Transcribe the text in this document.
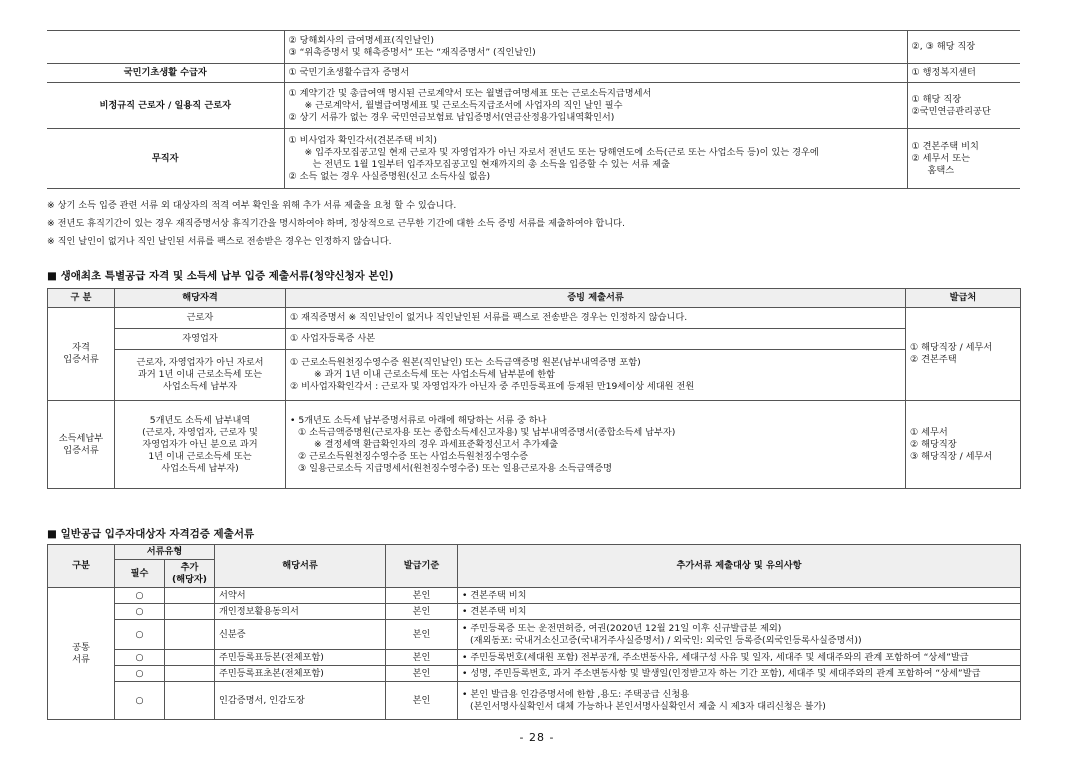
	② 당해회사의 급여명세표(직인날인)
③ “위촉증명서 및 해촉증명서” 또는 “재직증명서” (직인날인)	②, ③ 해당 직장
국민기초생활 수급자	① 국민기초생활수급자 증명서	① 행정복지센터
비정규직 근로자 / 일용직 근로자	① 계약기간 및 총급여액 명시된 근로계약서 또는 월별급여명세표 또는 근로소득지급명세서
※ 근로계약서, 월별급여명세표 및 근로소득지급조서에 사업자의 직인 날인 필수
② 상기 서류가 없는 경우 국민연금보험료 납입증명서(연금산정용가입내역확인서)	① 해당 직장
②국민연금관리공단

무직자	① 비사업자 확인각서(견본주택 비치)
※ 입주자모집공고일 현재 근로자 및 자영업자가 아닌 자로서 전년도 또는 당해연도에 소득(근로 또는 사업소득 등)이 있는 경우에
는 전년도 1월 1일부터 입주자모집공고일 현재까지의 총 소득을 입증할 수 있는 서류 제출
② 소득 없는 경우 사실증명원(신고 소득사실 없음)	① 견본주택 비치
② 세무서 또는
홈택스
※ 상기 소득 입증 관련 서류 외 대상자의 적격 여부 확인을 위해 추가 서류 제출을 요청 할 수 있습니다.
※ 전년도 휴직기간이 있는 경우 재직증명서상 휴직기간을 명시하여야 하며, 정상적으로 근무한 기간에 대한 소득 증빙 서류를 제출하여야 합니다.
※ 직인 날인이 없거나 직인 날인된 서류를 팩스로 전송받은 경우는 인정하지 않습니다.
■ 생애최초 특별공급 자격 및 소득세 납부 입증 제출서류(청약신청자 본인)
구 분	해당자격	증빙 제출서류	발급처

자격
입증서류	근로자	① 재직증명서 ※ 직인날인이 없거나 직인날인된 서류를 팩스로 전송받은 경우는 인정하지 않습니다.	① 해당직장 / 세무서
② 견본주택

	자영업자	① 사업자등록증 사본	

	근로자, 자영업자가 아닌 자로서
과거 1년 이내 근로소득세 또는
사업소득세 납부자	① 근로소득원천징수영수증 원본(직인날인) 또는 소득금액증명 원본(납부내역증명 포함)
※ 과거 1년 이내 근로소득세 또는 사업소득세 납부분에 한함
② 비사업자확인각서 : 근로자 및 자영업자가 아닌자 중 주민등록표에 등재된 만19세이상 세대원 전원	

소득세납부
입증서류	5개년도 소득세 납부내역
(근로자, 자영업자, 근로자 및
자영업자가 아닌 분으로 과거
1년 이내 근로소득세 또는
사업소득세 납부자)	• 5개년도 소득세 납부증명서류로 아래에 해당하는 서류 중 하나
① 소득금액증명원(근로자용 또는 종합소득세신고자용) 및 납부내역증명서(종합소득세 납부자)
※ 결정세액 환급확인자의 경우 과세표준확정신고서 추가제출
② 근로소득원천징수영수증 또는 사업소득원천징수영수증
③ 일용근로소득 지급명세서(원천징수영수증) 또는 일용근로자용 소득금액증명	① 세무서
② 해당직장
③ 해당직장 / 세무서
■ 일반공급 입주자대상자 자격검증 제출서류
구분	서류유형		해당서류	발급기준	추가서류 제출대상 및 유의사항
	필수	추가
(해당자)			

공통
서류	○		서약서	본인	• 견본주택 비치
	○		개인정보활용동의서	본인	• 견본주택 비치
	○		신분증	본인	• 주민등록증 또는 운전면허증, 여권(2020년 12월 21일 이후 신규발급분 제외)
(재외동포: 국내거소신고증(국내거주사실증명서) / 외국인: 외국인 등록증(외국인등록사실증명서))

	○		주민등록표등본(전체포함)	본인	• 주민등록번호(세대원 포함) 전부공개, 주소변동사유, 세대구성 사유 및 일자, 세대주 및 세대주와의 관계 포함하여 “상세”발급
	○		주민등록표초본(전체포함)	본인	• 성명, 주민등록번호, 과거 주소변동사항 및 발생일(인정받고자 하는 기간 포함), 세대주 및 세대주와의 관계 포함하여 “상세”발급
	○		인감증명서, 인감도장	본인	• 본인 발급용 인감증명서에 한함 ,용도: 주택공급 신청용
(본인서명사실확인서 대체 가능하나 본인서명사실확인서 제출 시 제3자 대리신청은 불가)
- 28 -
